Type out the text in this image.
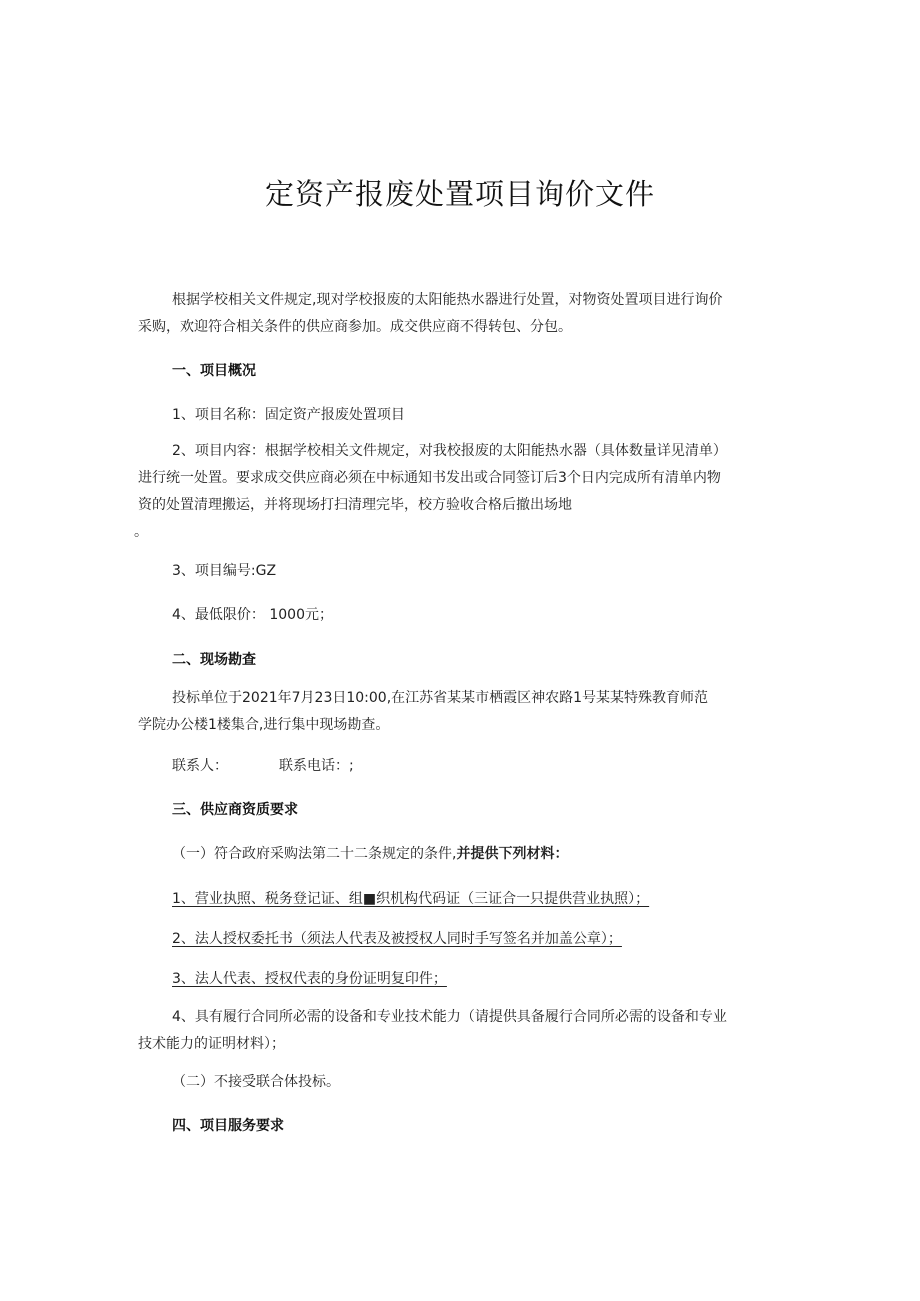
定资产报废处置项目询价文件

根据学校相关文件规定,现对学校报废的太阳能热水器进行处置，对物资处置项目进行询价

采购，欢迎符合相关条件的供应商参加。成交供应商不得转包、分包。

一、项目概况

1、项目名称：固定资产报废处置项目

2、项目内容：根据学校相关文件规定，对我校报废的太阳能热水器（具体数量详见清单）

进行统一处置。要求成交供应商必须在中标通知书发出或合同签订后3个日内完成所有清单内物

资的处置清理搬运，并将现场打扫清理完毕，校方验收合格后撤出场地

。

3、项目编号:GZ

4、最低限价： 1000元；

二、现场勘查

投标单位于2021年7月23日10:00,在江苏省某某市栖霞区神农路1号某某特殊教育师范

学院办公楼1楼集合,进行集中现场勘查。

联系人：	联系电话：;

三、供应商资质要求

（一）符合政府采购法第二十二条规定的条件,并提供下列材料：

1、营业执照、税务登记证、组■织机构代码证（三证合一只提供营业执照）；

2、法人授权委托书（须法人代表及被授权人同时手写签名并加盖公章）；

3、法人代表、授权代表的身份证明复印件；

4、具有履行合同所必需的设备和专业技术能力（请提供具备履行合同所必需的设备和专业

技术能力的证明材料）；

（二）不接受联合体投标。

四、项目服务要求
